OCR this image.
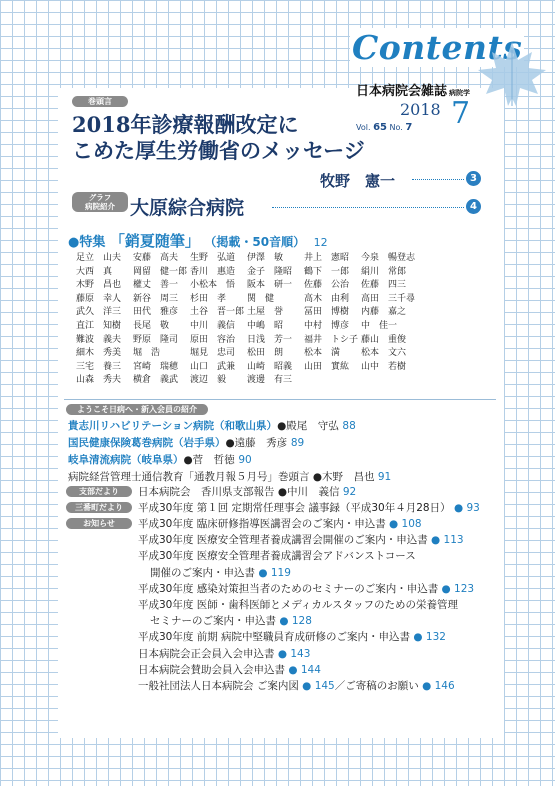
Contents
日本病院会雑誌 病院学
2018 7
Vol. 65 No. 7
巻頭言
2018年診療報酬改定に
こめた厚生労働省のメッセージ
牧野　憲一	3
グラフ
病院紹介 大原綜合病院	4
●特集 「銷夏随筆」 （掲載・50音順） 12
足立　山夫	安藤　高夫	生野　弘道	伊澤　敏	井上　憲昭	今泉　暢登志
大西　真	岡留　健一郎 香川　惠造	金子　隆昭	鶴下　一郎	絹川　常郎
木野　昌也	權丈　善一	小松本　悟	阪本　研一	佐藤　公治	佐藤　四三
藤原　幸人	新谷　周三	杉田　孝	関　健	高木　由利	高田　三千尋
武久　洋三	田代　雅彦	土谷　晋一郎 土屋　誉	冨田　博樹	内藤　嘉之
直江　知樹	長尾　敬	中川　義信	中嶋　昭	中村　博彦	中　佳一
難波　義夫	野原　隆司	原田　容治	日浅　芳一	福井　トシ子 藤山　重俊
細木　秀美	堀　浩	堀見　忠司	松田　朗	松本　満	松本　文六
三宅　養三	宮崎　瑞穂	山口　武兼	山崎　昭義	山田　實紘	山中　若樹
山森　秀夫	横倉　義武	渡辺　毅	渡邊　有三
ようこそ日病へ・新入会員の紹介
貴志川リハビリテーション病院（和歌山県）●殿尾　守弘 88
国民健康保険葛巻病院（岩手県）●遠藤　秀彦 89
岐阜清流病院（岐阜県）●菅　哲徳 90
病院経営管理士通信教育「通教月報５月号」巻頭言 ●木野　昌也 91
支部だより	日本病院会　香川県支部報告 ●中川　義信 92
三番町だより	平成30年度 第１回 定期常任理事会 議事録（平成30年４月28日） ● 93
お知らせ	平成30年度 臨床研修指導医講習会のご案内・申込書 ● 108
平成30年度 医療安全管理者養成講習会開催のご案内・申込書 ● 113
平成30年度 医療安全管理者養成講習会アドバンストコース
開催のご案内・申込書 ● 119
平成30年度 感染対策担当者のためのセミナーのご案内・申込書 ● 123
平成30年度 医師・歯科医師とメディカルスタッフのための栄養管理
セミナーのご案内・申込書 ● 128
平成30年度 前期 病院中堅職員育成研修のご案内・申込書 ● 132
日本病院会正会員入会申込書 ● 143
日本病院会賛助会員入会申込書 ● 144
一般社団法人日本病院会 ご案内図 ● 145／ご寄稿のお願い ● 146
